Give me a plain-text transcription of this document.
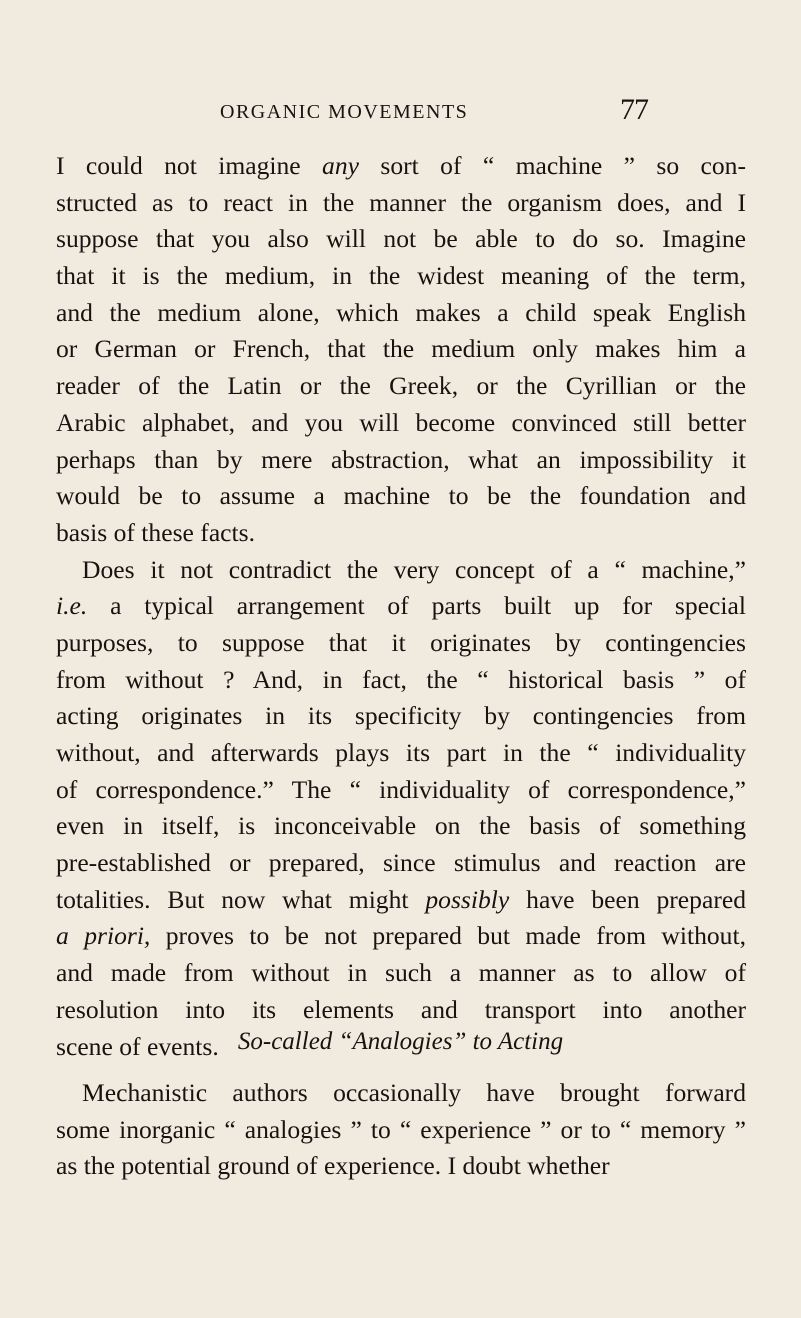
ORGANIC MOVEMENTS	77
I could not imagine any sort of “ machine ” so con-
structed as to react in the manner the organism does, and I
suppose that you also will not be able to do so. Imagine
that it is the medium, in the widest meaning of the term,
and the medium alone, which makes a child speak English
or German or French, that the medium only makes him a
reader of the Latin or the Greek, or the Cyrillian or the
Arabic alphabet, and you will become convinced still better
perhaps than by mere abstraction, what an impossibility it
would be to assume a machine to be the foundation and
basis of these facts.
Does it not contradict the very concept of a “ machine,”
i.e. a typical arrangement of parts built up for special
purposes, to suppose that it originates by contingencies
from without ? And, in fact, the “ historical basis ” of
acting originates in its specificity by contingencies from
without, and afterwards plays its part in the “ individuality
of correspondence.” The “ individuality of correspondence,”
even in itself, is inconceivable on the basis of something
pre-established or prepared, since stimulus and reaction are
totalities. But now what might possibly have been prepared
a priori, proves to be not prepared but made from without,
and made from without in such a manner as to allow of
resolution into its elements and transport into another
scene of events. So-called “Analogies” to Acting
Mechanistic authors occasionally have brought forward
some inorganic “ analogies ” to “ experience ” or to “ memory ”
as the potential ground of experience. I doubt whether
